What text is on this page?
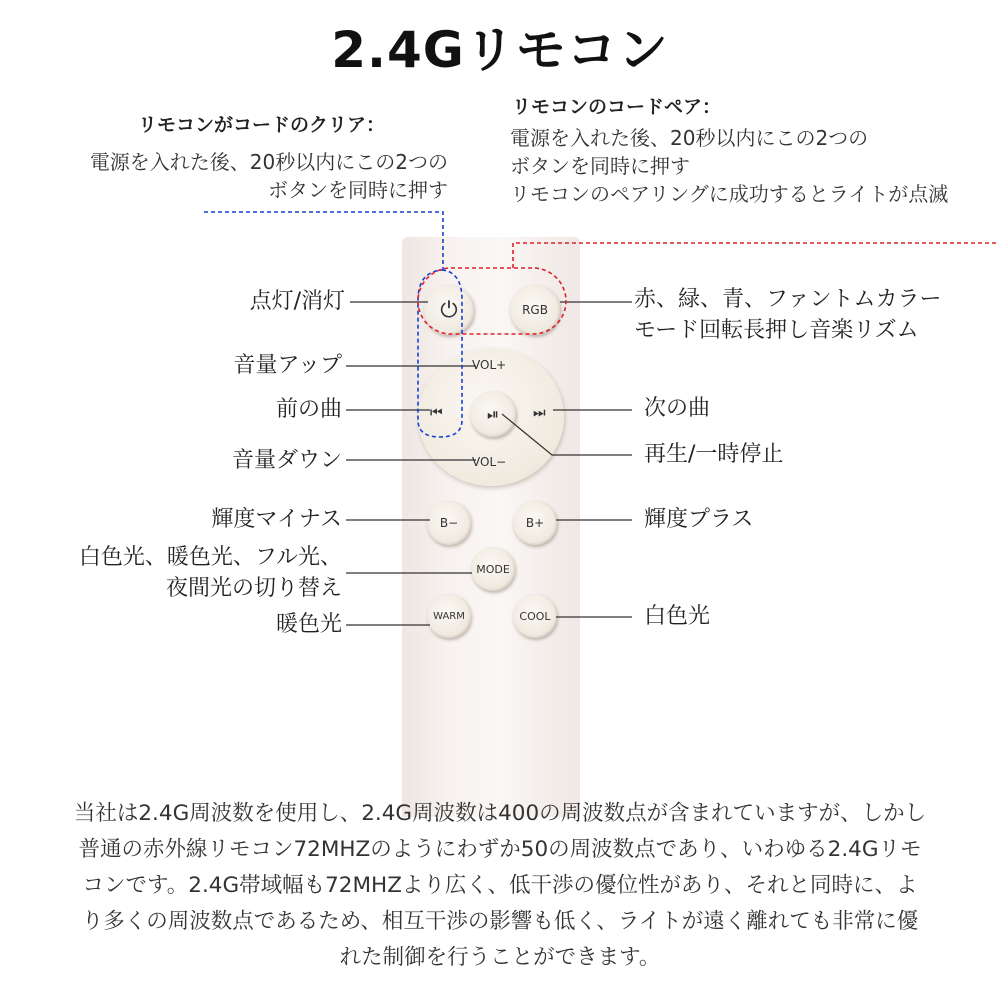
2.4Gリモコン
リモコンがコードのクリア：
電源を入れた後、20秒以内にこの2つの
ボタンを同時に押す
リモコンのコードペア：
電源を入れた後、20秒以内にこの2つの
ボタンを同時に押す
リモコンのペアリングに成功するとライトが点滅
⏻	RGB
VOL+
VOL−
⏮	⏭
⏯
B−	B+
MODE
WARM	COOL
点灯/消灯	赤、緑、青、ファントムカラー
モード回転長押し音楽リズム
音量アップ
前の曲	次の曲
再生/一時停止
音量ダウン
輝度マイナス	輝度プラス
白色光、暖色光、フル光、
夜間光の切り替え
暖色光	白色光
当社は2.4G周波数を使用し、2.4G周波数は400の周波数点が含まれていますが、しかし
普通の赤外線リモコン72MHZのようにわずか50の周波数点であり、いわゆる2.4Gリモ
コンです。2.4G帯域幅も72MHZより広く、低干渉の優位性があり、それと同時に、よ
り多くの周波数点であるため、相互干渉の影響も低く、ライトが遠く離れても非常に優
れた制御を行うことができます。
